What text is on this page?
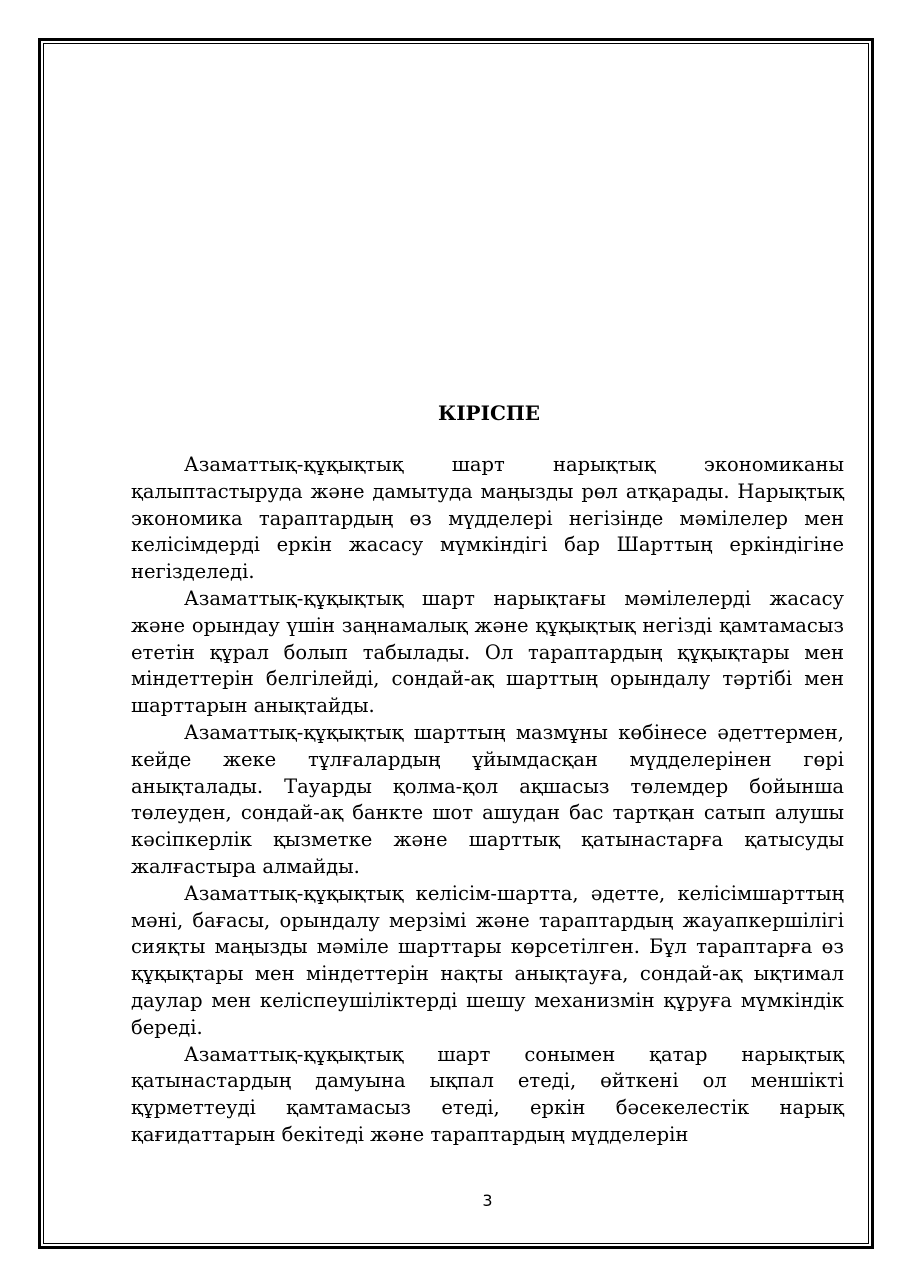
КІРІСПЕ

Азаматтық-құқықтық шарт нарықтық экономиканы қалыптастыруда және дамытуда маңызды рөл атқарады. Нарықтық экономика тараптардың өз мүдделері негізінде мәмілелер мен келісімдерді еркін жасасу мүмкіндігі бар Шарттың еркіндігіне негізделеді.

Азаматтық-құқықтық шарт нарықтағы мәмілелерді жасасу және орындау үшін заңнамалық және құқықтық негізді қамтамасыз ететін құрал болып табылады. Ол тараптардың құқықтары мен міндеттерін белгілейді, сондай-ақ шарттың орындалу тәртібі мен шарттарын анықтайды.

Азаматтық-құқықтық шарттың мазмұны көбінесе әдеттермен, кейде жеке тұлғалардың ұйымдасқан мүдделерінен гөрі анықталады. Тауарды қолма-қол ақшасыз төлемдер бойынша төлеуден, сондай-ақ банкте шот ашудан бас тартқан сатып алушы кәсіпкерлік қызметке және шарттық қатынастарға қатысуды жалғастыра алмайды.

Азаматтық-құқықтық келісім-шартта, әдетте, келісімшарттың мәні, бағасы, орындалу мерзімі және тараптардың жауапкершілігі сияқты маңызды мәміле шарттары көрсетілген. Бұл тараптарға өз құқықтары мен міндеттерін нақты анықтауға, сондай-ақ ықтимал даулар мен келіспеушіліктерді шешу механизмін құруға мүмкіндік береді.

Азаматтық-құқықтық шарт сонымен қатар нарықтық қатынастардың дамуына ықпал етеді, өйткені ол меншікті құрметтеуді қамтамасыз етеді, еркін бәсекелестік нарық қағидаттарын бекітеді және тараптардың мүдделерін

3
